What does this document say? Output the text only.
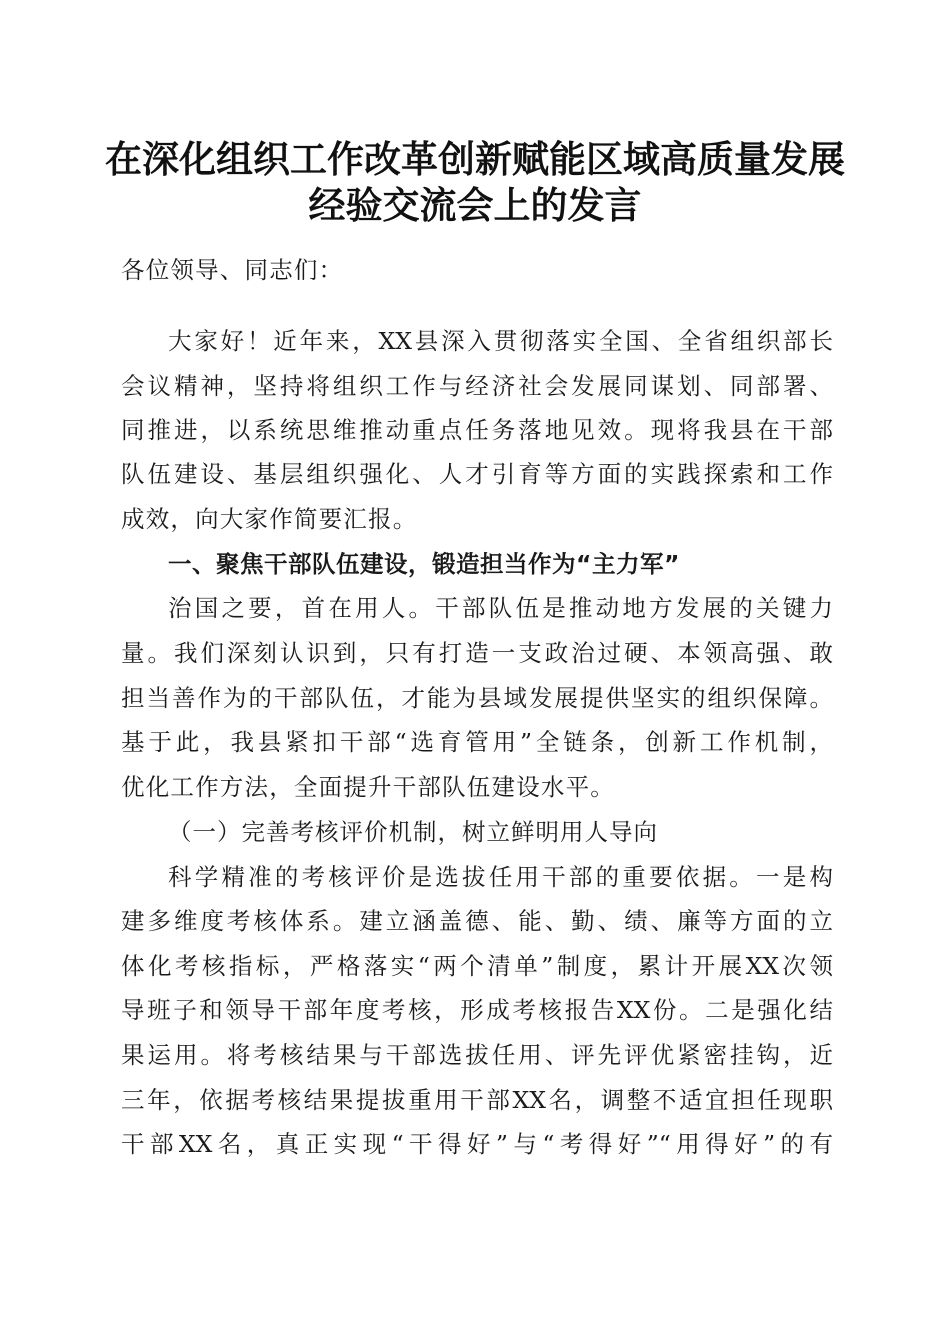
在深化组织工作改革创新赋能区域高质量发展
经验交流会上的发言
各位领导、同志们：
大家好！近年来，XX县深入贯彻落实全国、全省组织部长
会议精神，坚持将组织工作与经济社会发展同谋划、同部署、
同推进，以系统思维推动重点任务落地见效。现将我县在干部
队伍建设、基层组织强化、人才引育等方面的实践探索和工作
成效，向大家作简要汇报。
一、聚焦干部队伍建设，锻造担当作为“主力军”
治国之要，首在用人。干部队伍是推动地方发展的关键力
量。我们深刻认识到，只有打造一支政治过硬、本领高强、敢
担当善作为的干部队伍，才能为县域发展提供坚实的组织保障。
基于此，我县紧扣干部“选育管用”全链条，创新工作机制，
优化工作方法，全面提升干部队伍建设水平。
（一）完善考核评价机制，树立鲜明用人导向
科学精准的考核评价是选拔任用干部的重要依据。一是构
建多维度考核体系。建立涵盖德、能、勤、绩、廉等方面的立
体化考核指标，严格落实“两个清单”制度，累计开展XX次领
导班子和领导干部年度考核，形成考核报告XX份。二是强化结
果运用。将考核结果与干部选拔任用、评先评优紧密挂钩，近
三年，依据考核结果提拔重用干部XX名，调整不适宜担任现职
干部XX名，真正实现“干得好”与“考得好”“用得好”的有
